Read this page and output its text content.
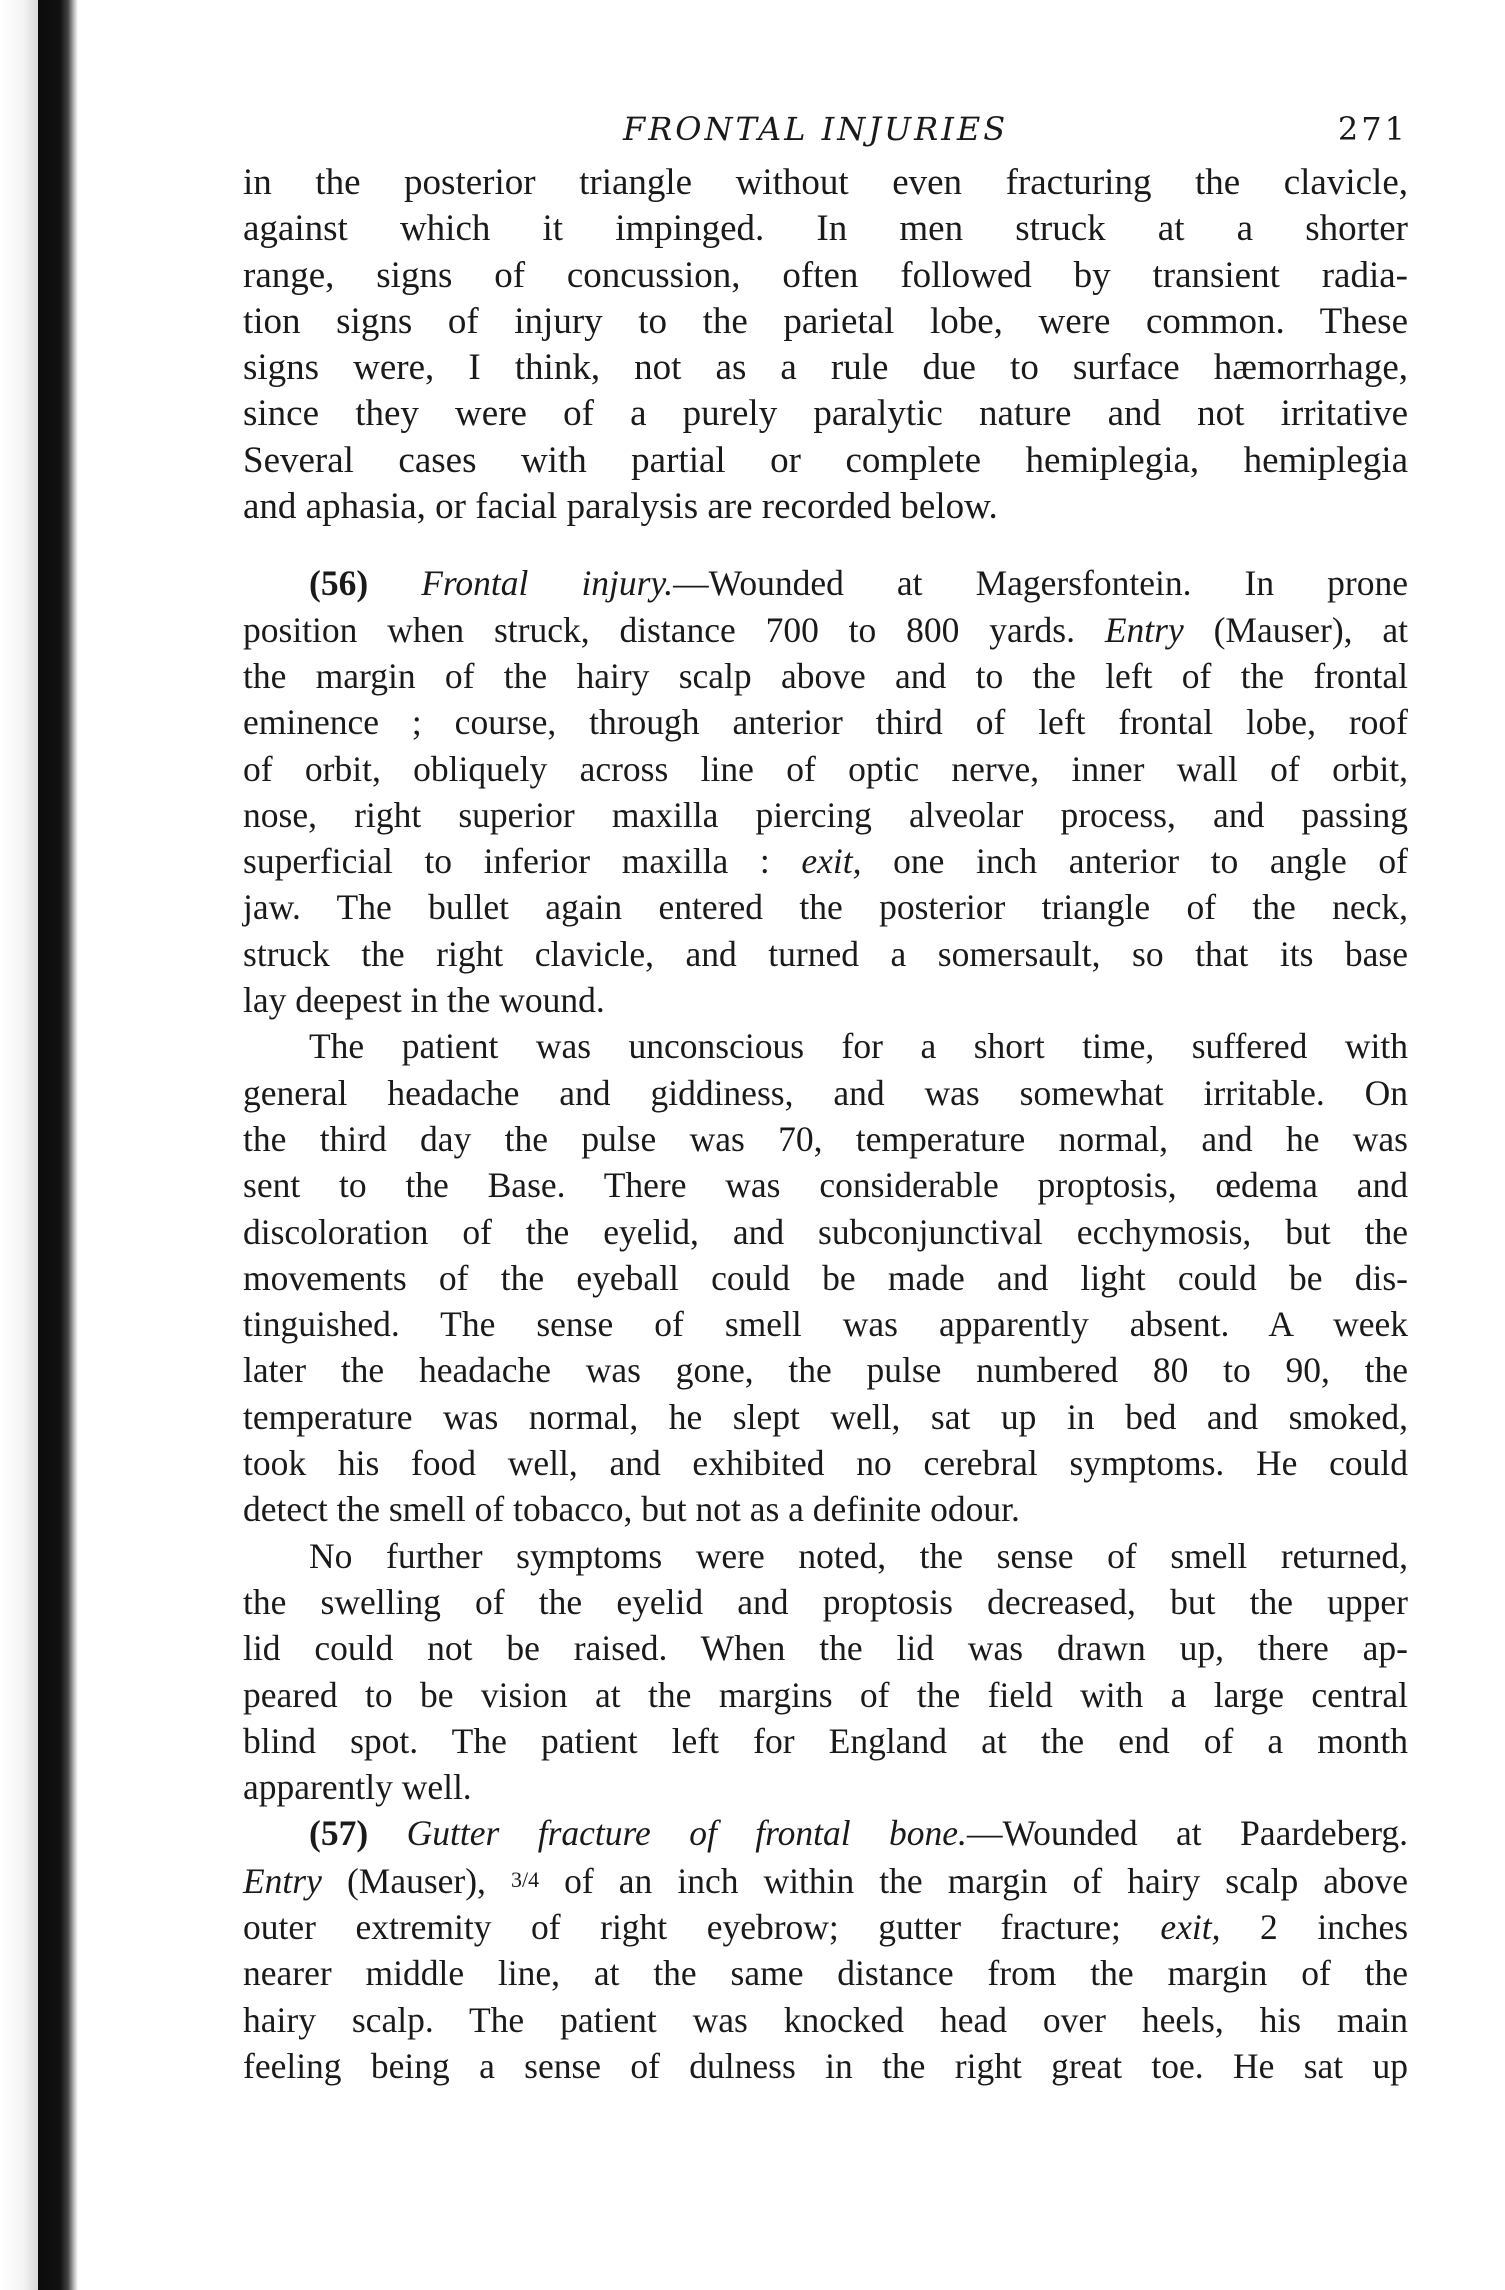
FRONTAL INJURIES	271
in the posterior triangle without even fracturing the clavicle,
against which it impinged. In men struck at a shorter
range, signs of concussion, often followed by transient radia-
tion signs of injury to the parietal lobe, were common. These
signs were, I think, not as a rule due to surface hæmorrhage,
since they were of a purely paralytic nature and not irritative
Several cases with partial or complete hemiplegia, hemiplegia
and aphasia, or facial paralysis are recorded below.
(56) Frontal injury.—Wounded at Magersfontein. In prone
position when struck, distance 700 to 800 yards. Entry (Mauser), at
the margin of the hairy scalp above and to the left of the frontal
eminence ; course, through anterior third of left frontal lobe, roof
of orbit, obliquely across line of optic nerve, inner wall of orbit,
nose, right superior maxilla piercing alveolar process, and passing
superficial to inferior maxilla : exit, one inch anterior to angle of
jaw. The bullet again entered the posterior triangle of the neck,
struck the right clavicle, and turned a somersault, so that its base
lay deepest in the wound.
The patient was unconscious for a short time, suffered with
general headache and giddiness, and was somewhat irritable. On
the third day the pulse was 70, temperature normal, and he was
sent to the Base. There was considerable proptosis, œdema and
discoloration of the eyelid, and subconjunctival ecchymosis, but the
movements of the eyeball could be made and light could be dis-
tinguished. The sense of smell was apparently absent. A week
later the headache was gone, the pulse numbered 80 to 90, the
temperature was normal, he slept well, sat up in bed and smoked,
took his food well, and exhibited no cerebral symptoms. He could
detect the smell of tobacco, but not as a definite odour.
No further symptoms were noted, the sense of smell returned,
the swelling of the eyelid and proptosis decreased, but the upper
lid could not be raised. When the lid was drawn up, there ap-
peared to be vision at the margins of the field with a large central
blind spot. The patient left for England at the end of a month
apparently well.
(57) Gutter fracture of frontal bone.—Wounded at Paardeberg.
Entry (Mauser), 3/4 of an inch within the margin of hairy scalp above
outer extremity of right eyebrow; gutter fracture; exit, 2 inches
nearer middle line, at the same distance from the margin of the
hairy scalp. The patient was knocked head over heels, his main
feeling being a sense of dulness in the right great toe. He sat up
